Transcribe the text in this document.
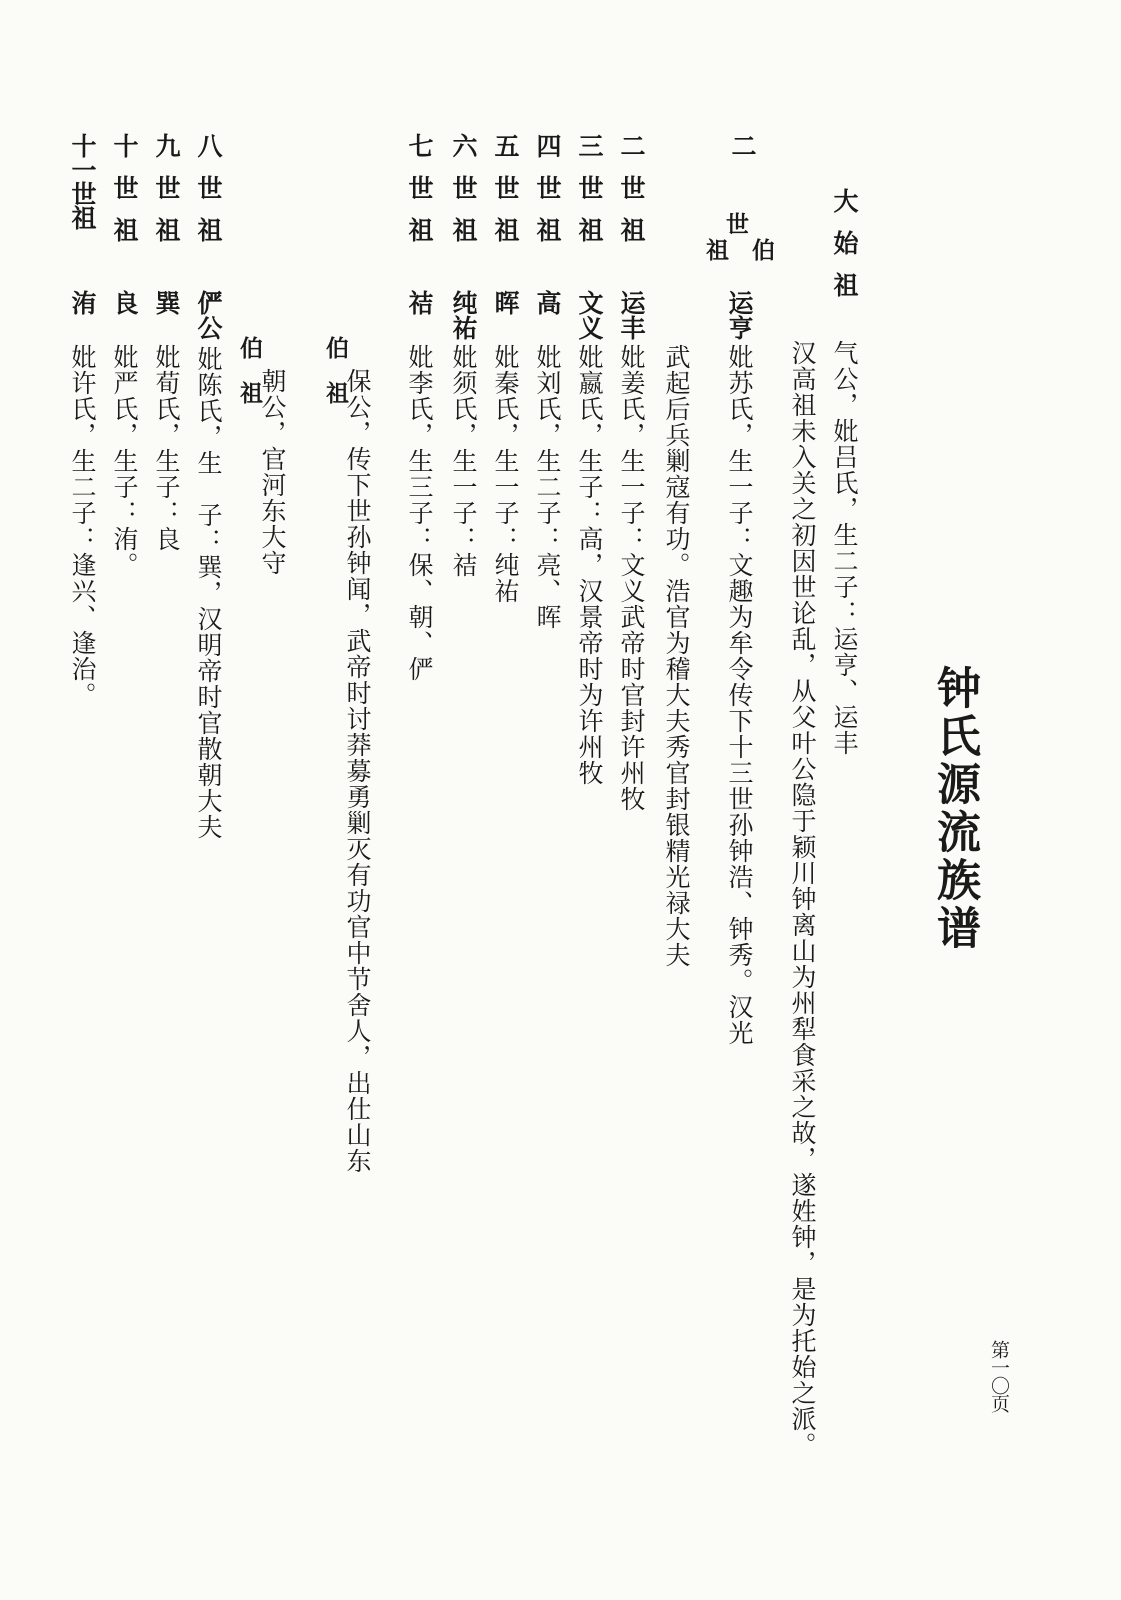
钟氏源流族谱
第一〇页
大始祖
气公，妣吕氏，生二子：运亨、运丰
汉高祖未入关之初因世论乱，从父叶公隐于颖川钟离山为州犁食采之故，遂姓钟，是为托始之派。
二
世
伯
祖
运亨
妣苏氏，生一子：文趣为牟令传下十三世孙钟浩、钟秀。汉光
武起后兵剿寇有功。浩官为稽大夫秀官封银精光禄大夫
二世祖
运丰
妣姜氏，生一子：文义武帝时官封许州牧
三世祖
文义
妣嬴氏，生子：高，汉景帝时为许州牧
四世祖
高
妣刘氏，生二子：亮、晖
五世祖
晖
妣秦氏，生一子：纯祐
六世祖
纯祐
妣须氏，生一子：祮
七世祖
祮
妣李氏，生三子：保、朝、俨
伯祖
保公，传下世孙钟闻，武帝时讨莽募勇剿灭有功官中节舍人，出仕山东
伯祖
朝公，官河东大守
八世祖
俨公
妣陈氏，生　子：巽，汉明帝时官散朝大夫
九世祖
巽
妣荀氏，生子：良
十世祖
良
妣严氏，生子：洧。
十一世祖
洧
妣许氏，生二子：逢兴、逢治。
